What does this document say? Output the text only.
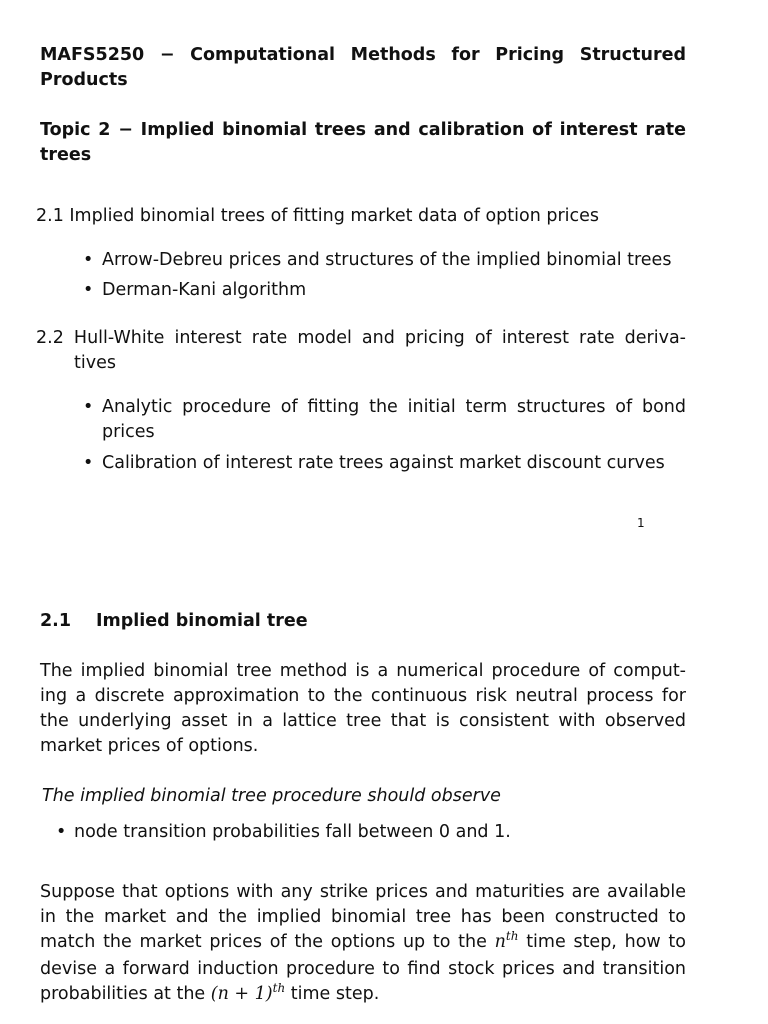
MAFS5250 − Computational Methods for Pricing Structured
Products
Topic 2 − Implied binomial trees and calibration of interest rate
trees
2.1 Implied binomial trees of fitting market data of option prices
• Arrow-Debreu prices and structures of the implied binomial trees
• Derman-Kani algorithm
2.2 Hull-White interest rate model and pricing of interest rate deriva-
tives
• Analytic procedure of fitting the initial term structures of bond
prices
• Calibration of interest rate trees against market discount curves
1
2.1 Implied binomial tree
The implied binomial tree method is a numerical procedure of comput-
ing a discrete approximation to the continuous risk neutral process for
the underlying asset in a lattice tree that is consistent with observed
market prices of options.
The implied binomial tree procedure should observe
• node transition probabilities fall between 0 and 1.
Suppose that options with any strike prices and maturities are available
in the market and the implied binomial tree has been constructed to
match the market prices of the options up to the $n^{th}$ time step, how to
devise a forward induction procedure to find stock prices and transition
probabilities at the $(n + 1)^{th}$ time step.
